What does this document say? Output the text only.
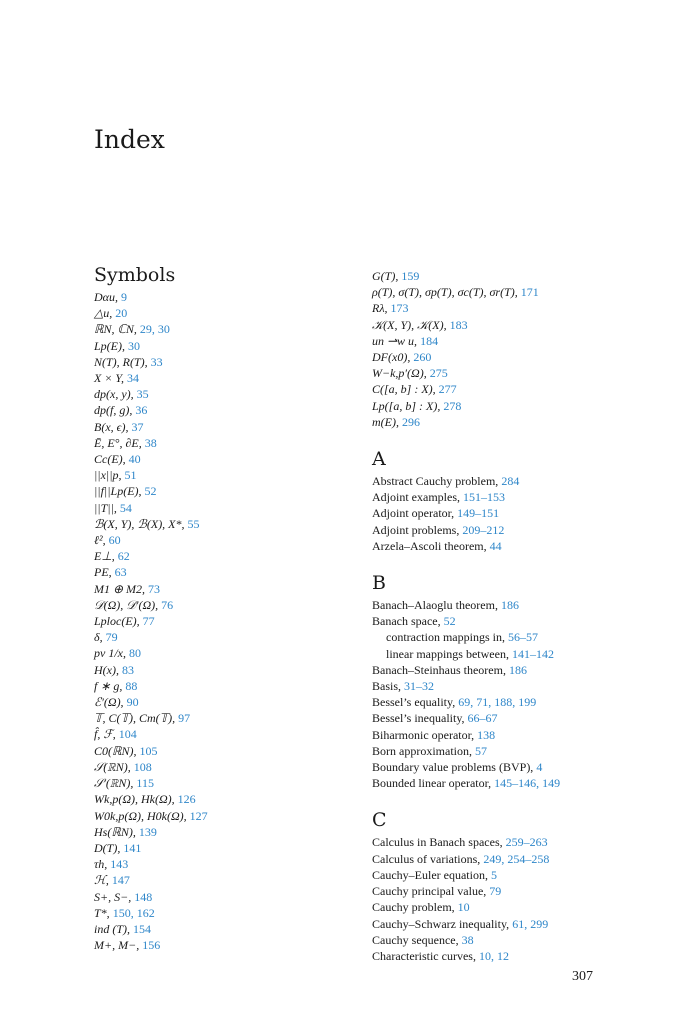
Index
Symbols
Dαu, 9
△u, 20
ℝN, ℂN, 29, 30
Lp(E), 30
N(T), R(T), 33
X × Y, 34
dp(x, y), 35
dp(f, g), 36
B(x, ϵ), 37
Ē, E°, ∂E, 38
Cc(E), 40
||x||p, 51
||f||Lp(E), 52
||T||, 54
ℬ(X, Y), ℬ(X), X*, 55
ℓ², 60
E⊥, 62
PE, 63
M1 ⊕ M2, 73
𝒟(Ω), 𝒟′(Ω), 76
Lploc(E), 77
δ, 79
pv 1/x, 80
H(x), 83
f ∗ g, 88
ℰ′(Ω), 90
𝕋, C(𝕋), Cm(𝕋), 97
f̂, ℱ, 104
C0(ℝN), 105
𝒮(ℝN), 108
𝒮′(ℝN), 115
Wk,p(Ω), Hk(Ω), 126
W0k,p(Ω), H0k(Ω), 127
Hs(ℝN), 139
D(T), 141
τh, 143
ℋ, 147
S+, S−, 148
T*, 150, 162
ind (T), 154
M+, M−, 156
G(T), 159
ρ(T), σ(T), σp(T), σc(T), σr(T), 171
Rλ, 173
𝒦(X, Y), 𝒦(X), 183
un ⇀w u, 184
DF(x0), 260
W−k,p′(Ω), 275
C([a, b] : X), 277
Lp([a, b] : X), 278
m(E), 296
A
Abstract Cauchy problem, 284
Adjoint examples, 151–153
Adjoint operator, 149–151
Adjoint problems, 209–212
Arzela–Ascoli theorem, 44
B
Banach–Alaoglu theorem, 186
Banach space, 52
contraction mappings in, 56–57
linear mappings between, 141–142
Banach–Steinhaus theorem, 186
Basis, 31–32
Bessel’s equality, 69, 71, 188, 199
Bessel’s inequality, 66–67
Biharmonic operator, 138
Born approximation, 57
Boundary value problems (BVP), 4
Bounded linear operator, 145–146, 149
C
Calculus in Banach spaces, 259–263
Calculus of variations, 249, 254–258
Cauchy–Euler equation, 5
Cauchy principal value, 79
Cauchy problem, 10
Cauchy–Schwarz inequality, 61, 299
Cauchy sequence, 38
Characteristic curves, 10, 12
307
